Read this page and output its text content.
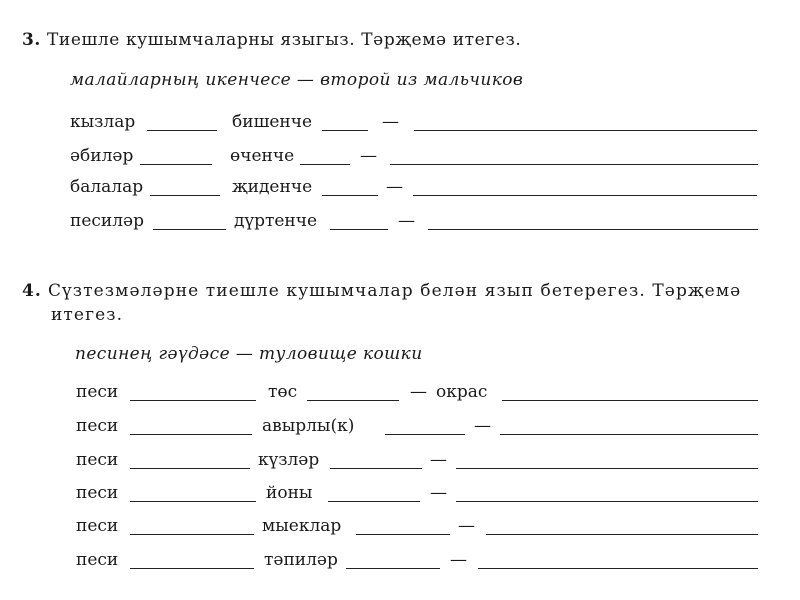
3. Тиешле кушымчаларны языгыз. Тәрҗемә итегез.
малайларның икенчесе — второй из мальчиков
кызлар	бишенче	—
әбиләр	өченче	—
балалар	җиденче	—
песиләр	дүртенче	—
4. Сүзтезмәләрне тиешле кушымчалар белән язып бетерегез. Тәрҗемә
итегез.
песинең гәүдәсе — туловище кошки
песи	төс	— окрас
песи	авырлы(к)	—
песи	күзләр	—
песи	йоны	—
песи	мыеклар	—
песи	тәпиләр	—
